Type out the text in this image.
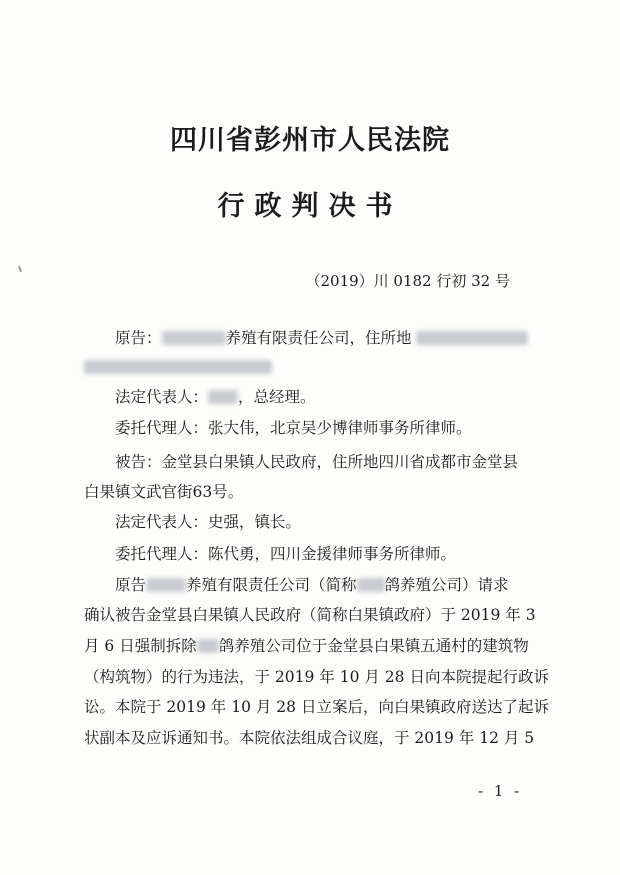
四川省彭州市人民法院
行政判决书
（2019）川 0182 行初 32 号
原告：	养殖有限责任公司，住所地
法定代表人： ，总经理。
委托代理人：张大伟，北京吴少博律师事务所律师。
被告：金堂县白果镇人民政府，住所地四川省成都市金堂县
白果镇文武官街63号。
法定代表人：史强，镇长。
委托代理人：陈代勇，四川金援律师事务所律师。
原告	养殖有限责任公司（简称 鸽养殖公司）请求
确认被告金堂县白果镇人民政府（简称白果镇政府）于 2019 年 3
月 6 日强制拆除 鸽养殖公司位于金堂县白果镇五通村的建筑物
（构筑物）的行为违法，于 2019 年 10 月 28 日向本院提起行政诉
讼。本院于 2019 年 10 月 28 日立案后，向白果镇政府送达了起诉
状副本及应诉通知书。本院依法组成合议庭，于 2019 年 12 月 5
- 1 -
